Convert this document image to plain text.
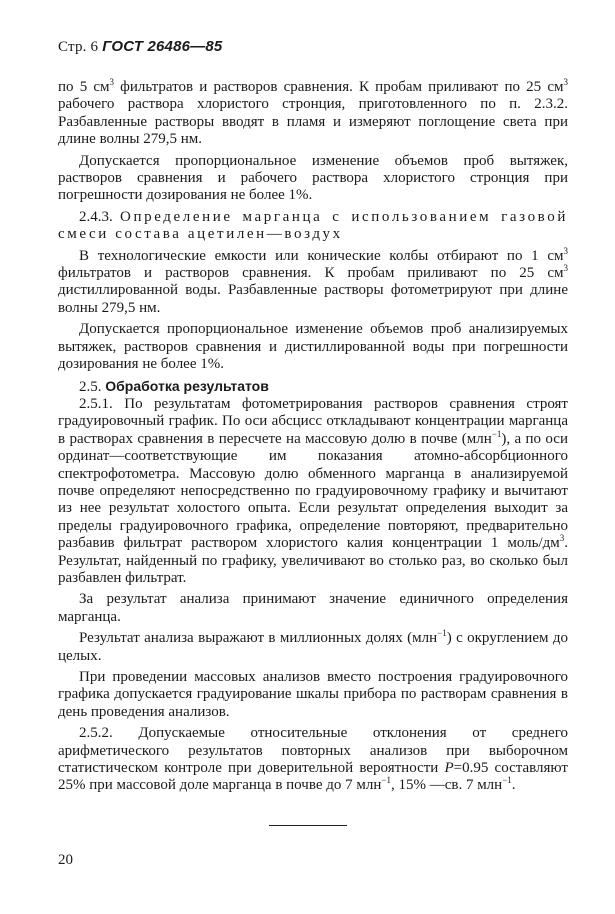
Стр. 6 ГОСТ 26486—85

по 5 $см^3$ фильтратов и растворов сравнения. К пробам приливают по 25 $см^3$ рабочего раствора хлористого стронция, приготовленного по п. 2.3.2. Разбавленные растворы вводят в пламя и измеряют поглощение света при длине волны 279,5 нм.

Допускается пропорциональное изменение объемов проб вытяжек, растворов сравнения и рабочего раствора хлористого стронция при погрешности дозирования не более 1%.

2.4.3. Определение марганца с использованием газовой смеси состава ацетилен—воздух

В технологические емкости или конические колбы отбирают по 1 $см^3$ фильтратов и растворов сравнения. К пробам приливают по 25 $см^3$ дистиллированной воды. Разбавленные растворы фотометрируют при длине волны 279,5 нм.

Допускается пропорциональное изменение объемов проб анализируемых вытяжек, растворов сравнения и дистиллированной воды при погрешности дозирования не более 1%.

2.5. Обработка результатов

2.5.1. По результатам фотометрирования растворов сравнения строят градуировочный график. По оси абсцисс откладывают концентрации марганца в растворах сравнения в пересчете на массовую долю в почве (млн$^{-1}$), а по оси ординат—соответствующие им показания атомно-абсорбционного спектрофотометра. Массовую долю обменного марганца в анализируемой почве определяют непосредственно по градуировочному графику и вычитают из нее результат холостого опыта. Если результат определения выходит за пределы градуировочного графика, определение повторяют, предварительно разбавив фильтрат раствором хлористого калия концентрации 1 моль/$дм^3$. Результат, найденный по графику, увеличивают во столько раз, во сколько был разбавлен фильтрат.

За результат анализа принимают значение единичного определения марганца.

Результат анализа выражают в миллионных долях (млн$^{-1}$) с округлением до целых.

При проведении массовых анализов вместо построения градуировочного графика допускается градуирование шкалы прибора по растворам сравнения в день проведения анализов.

2.5.2. Допускаемые относительные отклонения от среднего арифметического результатов повторных анализов при выборочном статистическом контроле при доверительной вероятности P=0.95 составляют 25% при массовой доле марганца в почве до 7 млн$^{-1}$, 15% —св. 7 млн$^{-1}$.

20
